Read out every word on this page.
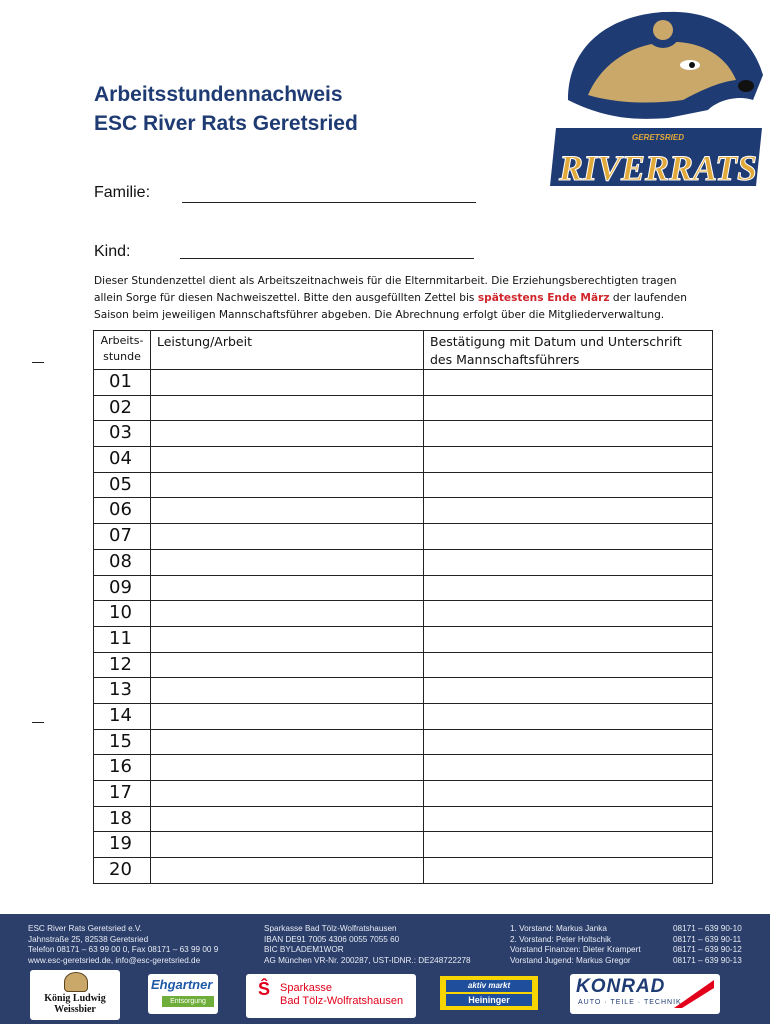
Arbeitsstundennachweis
ESC River Rats Geretsried
GERETSRIED
RIVERRATS
Familie:
Kind:
Dieser Stundenzettel dient als Arbeitszeitnachweis für die Elternmitarbeit. Die Erziehungsberechtigten tragen allein Sorge für diesen Nachweiszettel. Bitte den ausgefüllten Zettel bis spätestens Ende März der laufenden Saison beim jeweiligen Mannschaftsführer abgeben. Die Abrechnung erfolgt über die Mitgliederverwaltung.
Arbeits-
stunde	Leistung/Arbeit	Bestätigung mit Datum und Unterschrift
des Mannschaftsführers
01		
02		
03		
04		
05		
06		
07		
08		
09		
10		
11		
12		
13		
14		
15		
16		
17		
18		
19		
20		
ESC River Rats Geretsried e.V.
Jahnstraße 25, 82538 Geretsried
Telefon 08171 – 63 99 00 0, Fax 08171 – 63 99 00 9
www.esc-geretsried.de, info@esc-geretsried.de
Sparkasse Bad Tölz-Wolfratshausen
IBAN DE91 7005 4306 0055 7055 60
BIC BYLADEM1WOR
AG München VR-Nr. 200287, UST-IDNR.: DE248722278
1. Vorstand: Markus Janka
2. Vorstand: Peter Holtschik
Vorstand Finanzen: Dieter Krampert
Vorstand Jugend: Markus Gregor
08171 – 639 90-10
08171 – 639 90-11
08171 – 639 90-12
08171 – 639 90-13
König Ludwig
Weissbier
Ehgartner
Entsorgung
Ŝ Sparkasse
Bad Tölz-Wolfratshausen
aktiv markt
Heininger
KONRAD
AUTO · TEILE · TECHNIK
